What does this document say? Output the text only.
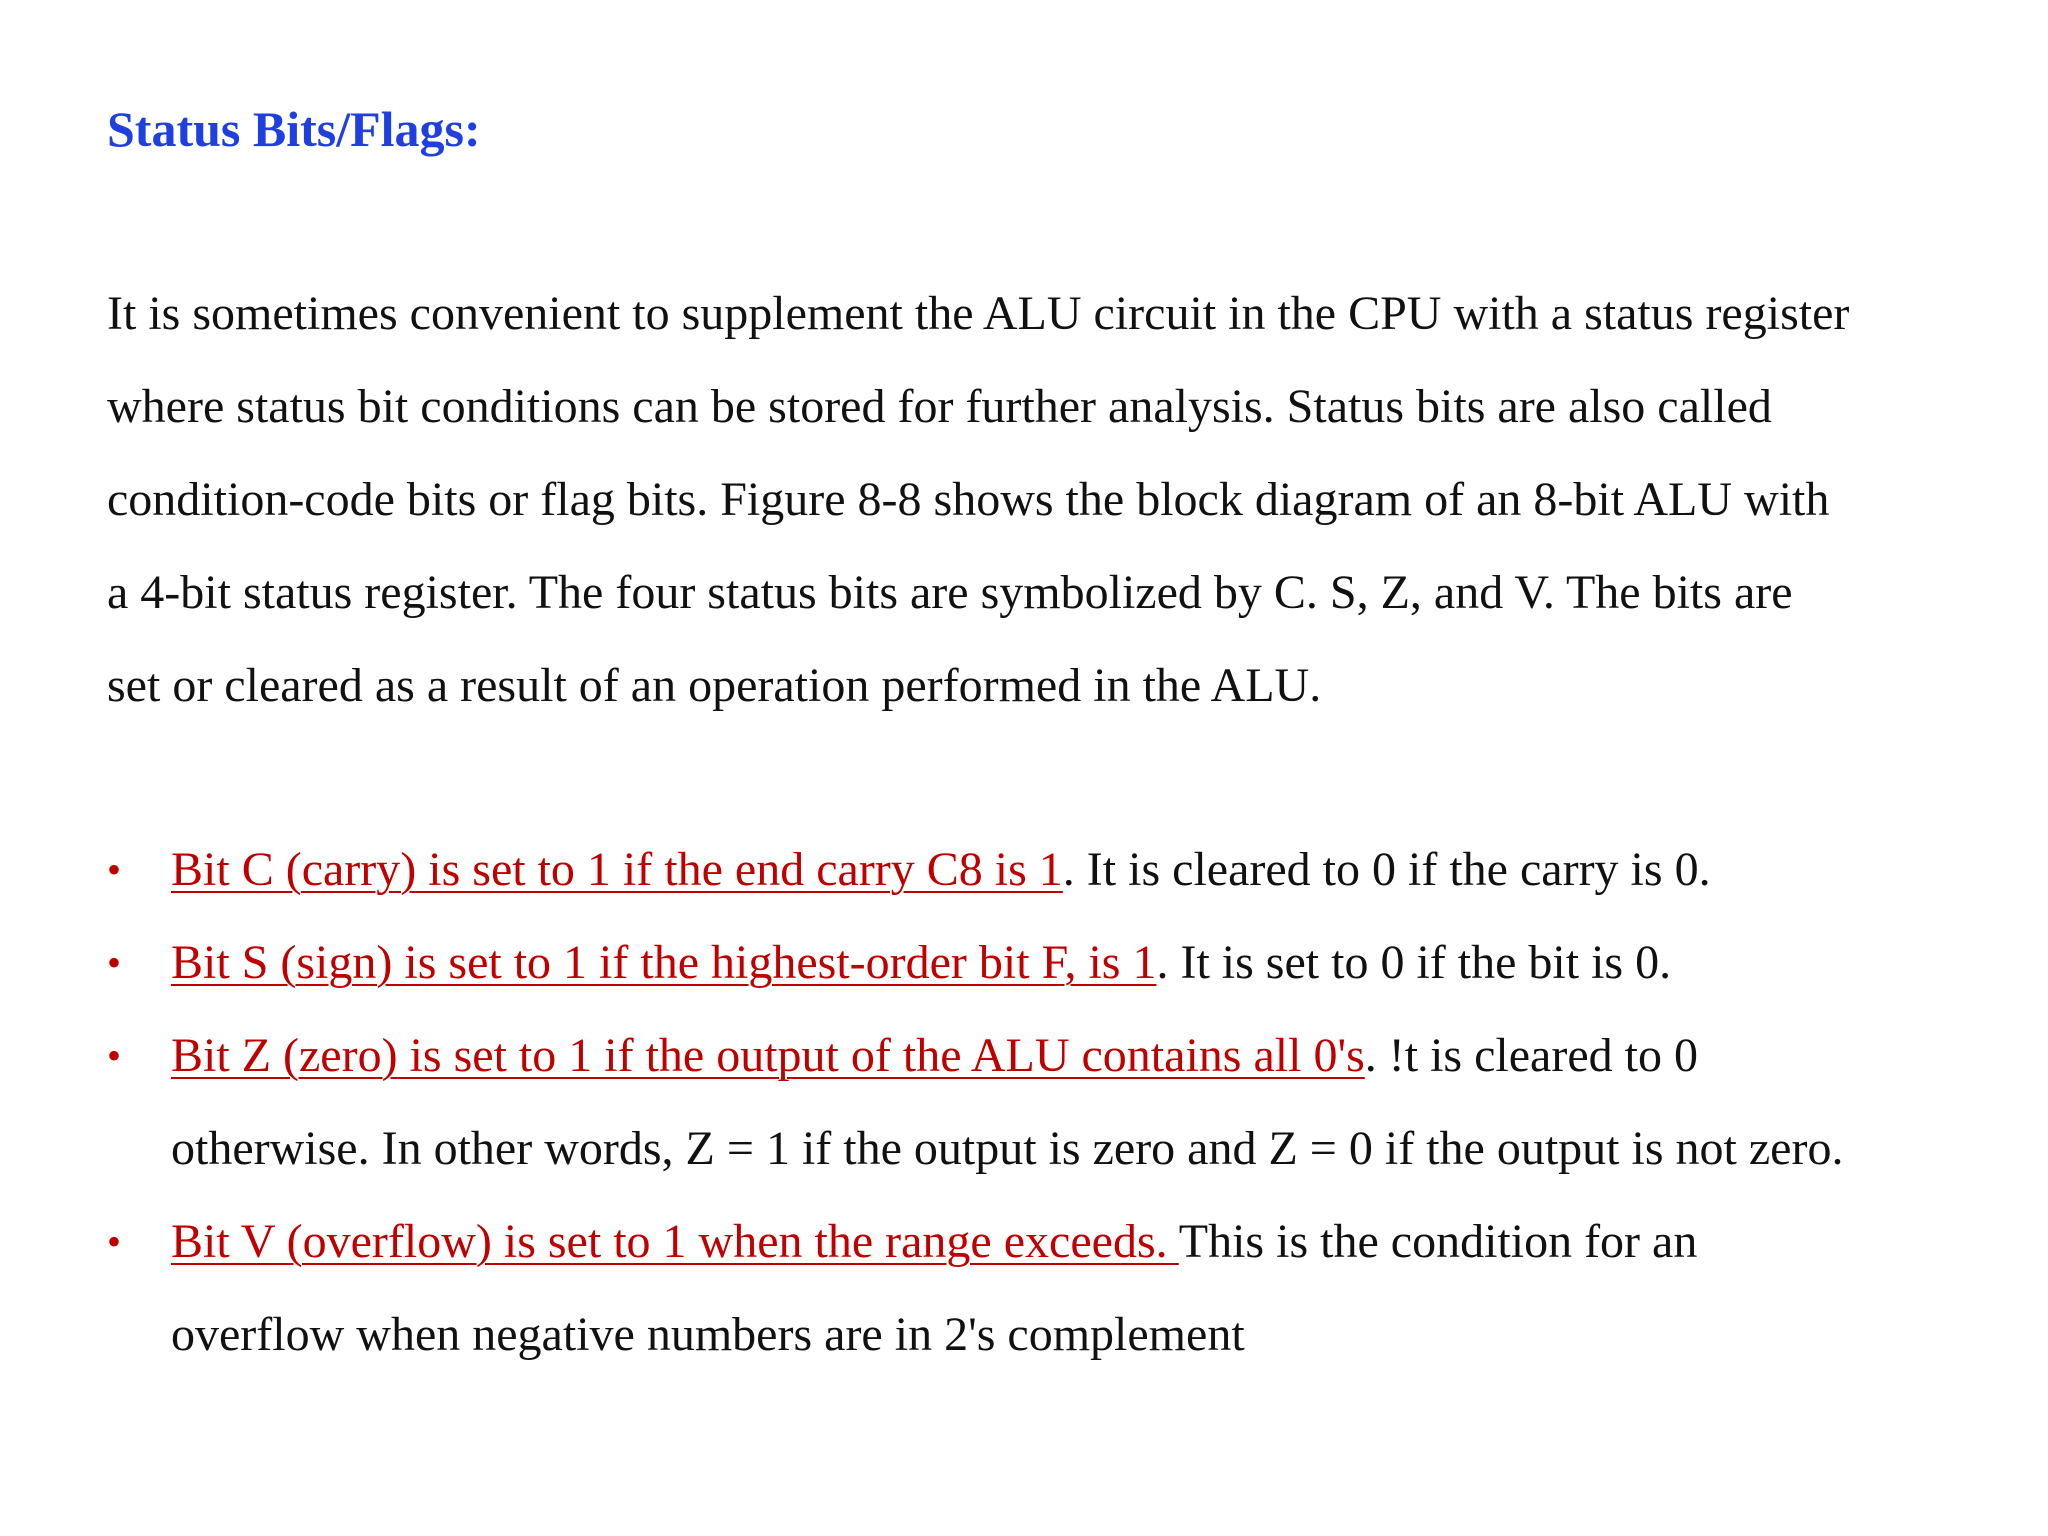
Status Bits/Flags:

It is sometimes convenient to supplement the ALU circuit in the CPU with a status register
where status bit conditions can be stored for further analysis. Status bits are also called
condition-code bits or flag bits. Figure 8-8 shows the block diagram of an 8-bit ALU with
a 4-bit status register. The four status bits are symbolized by C. S, Z, and V. The bits are
set or cleared as a result of an operation performed in the ALU.

•	Bit C (carry) is set to 1 if the end carry C8 is 1. It is cleared to 0 if the carry is 0.
•	Bit S (sign) is set to 1 if the highest-order bit F, is 1. It is set to 0 if the bit is 0.
•	Bit Z (zero) is set to 1 if the output of the ALU contains all 0's. !t is cleared to 0
otherwise. In other words, Z = 1 if the output is zero and Z = 0 if the output is not zero.
•	Bit V (overflow) is set to 1 when the range exceeds. This is the condition for an
overflow when negative numbers are in 2's complement
